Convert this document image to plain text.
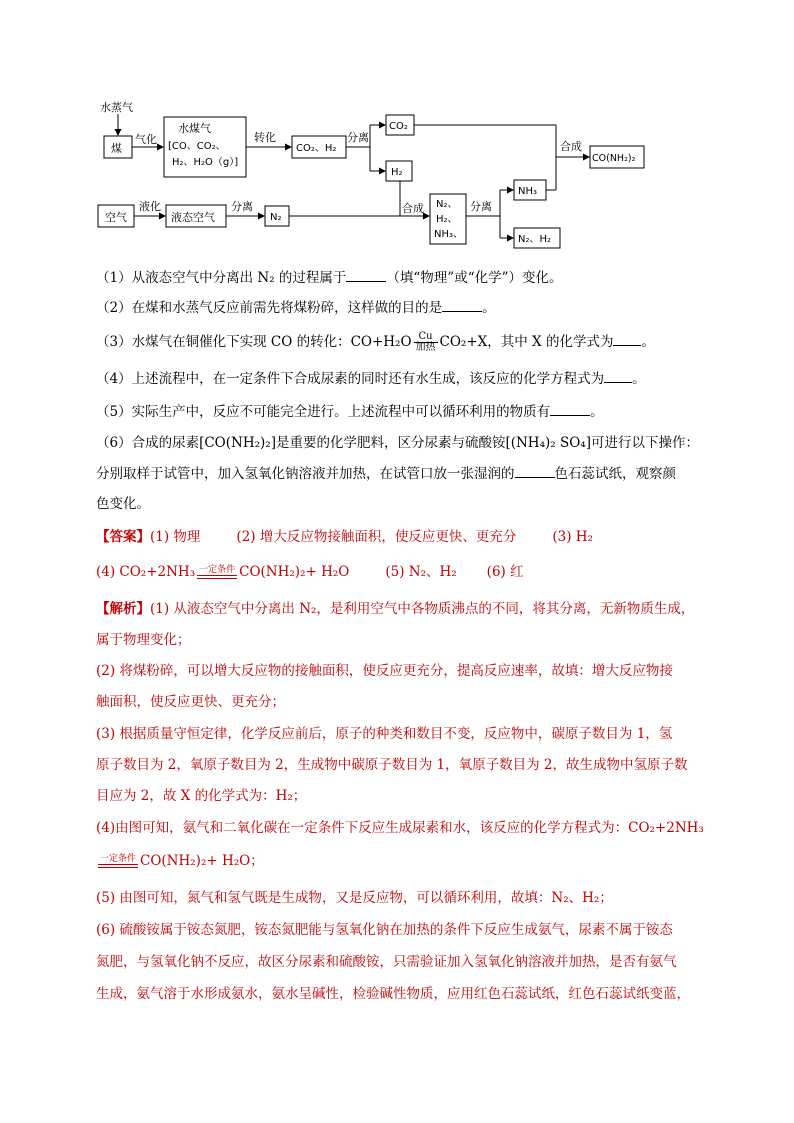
水蒸气
煤
气化
水煤气
[CO、CO₂、
H₂、H₂O（g）]
转化
CO₂、H₂
分离
CO₂
H₂
合成
CO(NH₂)₂
空气
液化
液态空气
分离
N₂
合成 N₂、
H₂、
NH₃、
分离
NH₃
N₂、H₂
（1）从液态空气中分离出 N₂ 的过程属于	（填“物理”或“化学”）变化。
（2）在煤和水蒸气反应前需先将煤粉碎，这样做的目的是	。
（3）水煤气在铜催化下实现 CO 的转化：$CO+H_2O \frac{Cu}{\text{加热}} CO_2+X$，其中 X 的化学式为 。
（4）上述流程中，在一定条件下合成尿素的同时还有水生成，该反应的化学方程式为 。
（5）实际生产中，反应不可能完全进行。上述流程中可以循环利用的物质有	。
（6）合成的尿素[CO(NH₂)₂]是重要的化学肥料，区分尿素与硫酸铵[(NH₄)₂ SO₄]可进行以下操作：
分别取样于试管中，加入氢氧化钠溶液并加热，在试管口放一张湿润的	色石蕊试纸，观察颜
色变化。
【答案】(1) 物理	(2) 增大反应物接触面积，使反应更快、更充分	(3) H₂
(4) CO₂+2NH₃ 一定条件 CO(NH₂)₂+ H₂O	(5) N₂、H₂ (6) 红
【解析】(1) 从液态空气中分离出 N₂，是利用空气中各物质沸点的不同，将其分离，无新物质生成，
属于物理变化；
(2) 将煤粉碎，可以增大反应物的接触面积，使反应更充分，提高反应速率，故填：增大反应物接
触面积，使反应更快、更充分；
(3) 根据质量守恒定律，化学反应前后，原子的种类和数目不变，反应物中，碳原子数目为 1，氢
原子数目为 2，氧原子数目为 2，生成物中碳原子数目为 1，氧原子数目为 2，故生成物中氢原子数
目应为 2，故 X 的化学式为：H₂；
(4)由图可知，氨气和二氧化碳在一定条件下反应生成尿素和水，该反应的化学方程式为：CO₂+2NH₃
一定条件 CO(NH₂)₂+ H₂O；
(5) 由图可知，氮气和氢气既是生成物，又是反应物，可以循环利用，故填：N₂、H₂；
(6) 硫酸铵属于铵态氮肥，铵态氮肥能与氢氧化钠在加热的条件下反应生成氨气，尿素不属于铵态
氮肥，与氢氧化钠不反应，故区分尿素和硫酸铵，只需验证加入氢氧化钠溶液并加热，是否有氨气
生成，氨气溶于水形成氨水，氨水呈碱性，检验碱性物质，应用红色石蕊试纸，红色石蕊试纸变蓝，
